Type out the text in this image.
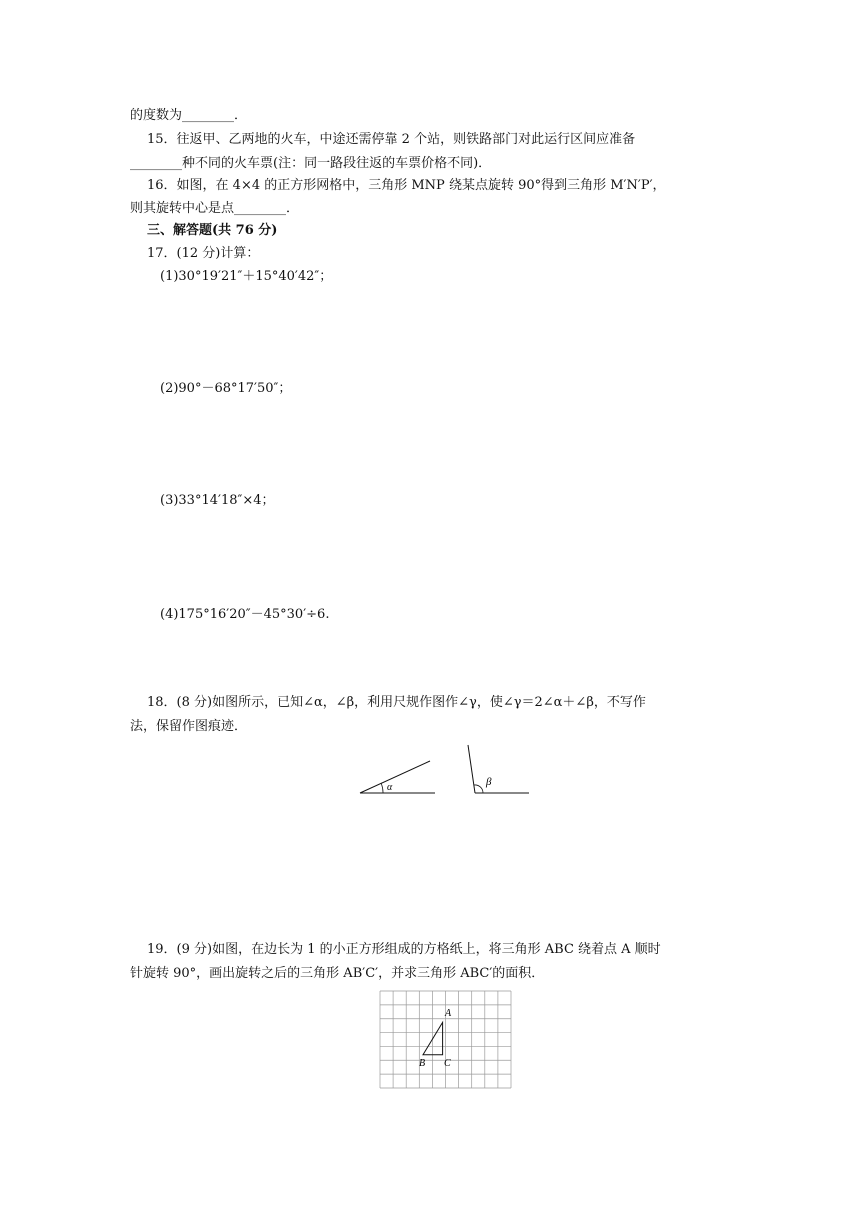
的度数为________．
15．往返甲、乙两地的火车，中途还需停靠 2 个站，则铁路部门对此运行区间应准备
________种不同的火车票(注：同一路段往返的车票价格不同)．
16．如图，在 4×4 的正方形网格中，三角形 MNP 绕某点旋转 90°得到三角形 M′N′P′，
则其旋转中心是点________．
三、解答题(共 76 分)
17．(12 分)计算：
(1)30°19′21″＋15°40′42″；
(2)90°－68°17′50″；
(3)33°14′18″×4；
(4)175°16′20″－45°30′÷6.
18．(8 分)如图所示，已知∠α，∠β，利用尺规作图作∠γ，使∠γ＝2∠α＋∠β，不写作
法，保留作图痕迹．
α	β
19．(9 分)如图，在边长为 1 的小正方形组成的方格纸上，将三角形 ABC 绕着点 A 顺时
针旋转 90°，画出旋转之后的三角形 AB′C′，并求三角形 ABC′的面积．
A
B C
